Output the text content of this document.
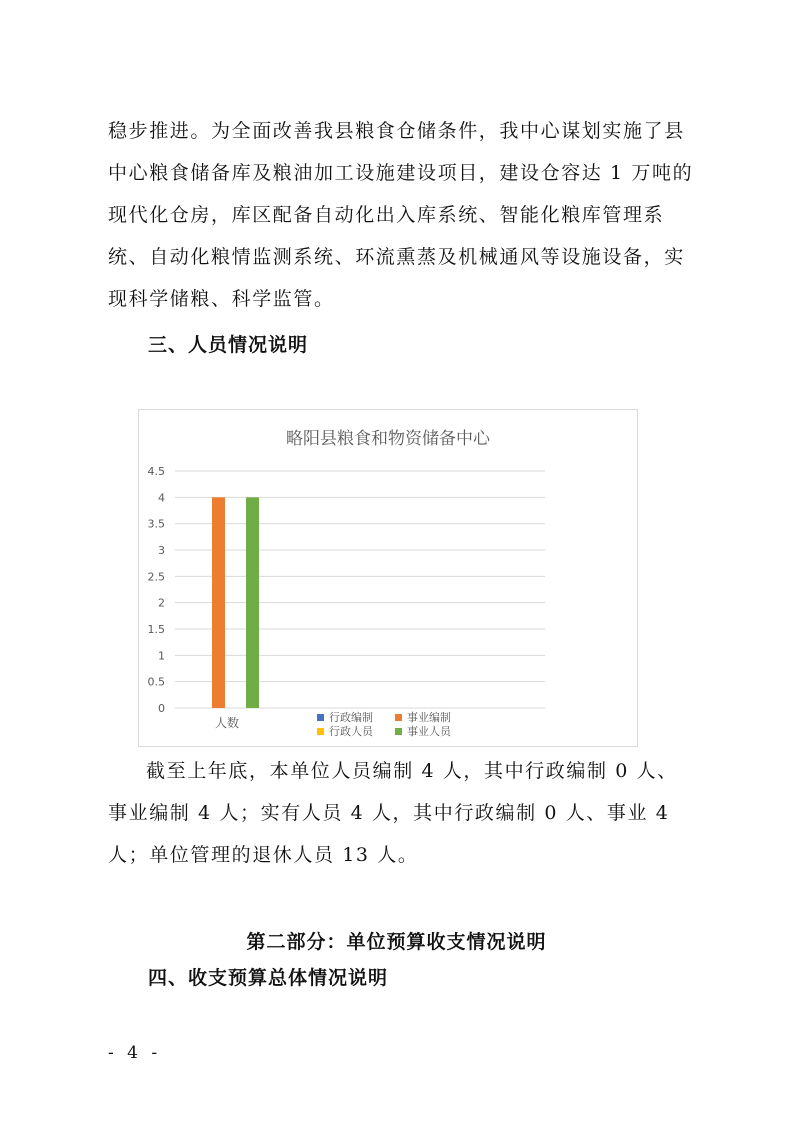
稳步推进。为全面改善我县粮食仓储条件，我中心谋划实施了县中心粮食储备库及粮油加工设施建设项目，建设仓容达 1 万吨的现代化仓房，库区配备自动化出入库系统、智能化粮库管理系统、自动化粮情监测系统、环流熏蒸及机械通风等设施设备，实现科学储粮、科学监管。

三、人员情况说明
略阳县粮食和物资储备中心
0
0.5
1
1.5
2
2.5
3
3.5
4
4.5
人数	行政编制	事业编制
行政人员	事业人员

截至上年底，本单位人员编制 4 人，其中行政编制 0 人、事业编制 4 人；实有人员 4 人，其中行政编制 0 人、事业 4 人；单位管理的退休人员 13 人。

第二部分：单位预算收支情况说明
四、收支预算总体情况说明
- 4 -
